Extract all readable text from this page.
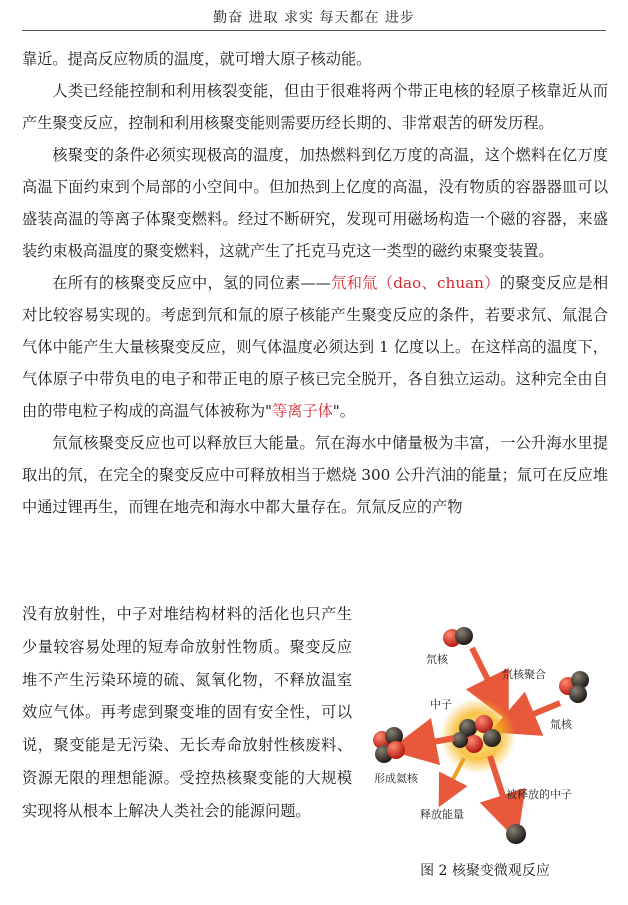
勤奋 进取 求实 每天都在 进步

靠近。提高反应物质的温度，就可增大原子核动能。

人类已经能控制和利用核裂变能，但由于很难将两个带正电核的轻原子核靠近从而产生聚变反应，控制和利用核聚变能则需要历经长期的、非常艰苦的研发历程。

核聚变的条件必须实现极高的温度，加热燃料到亿万度的高温，这个燃料在亿万度高温下面约束到个局部的小空间中。但加热到上亿度的高温，没有物质的容器器皿可以盛装高温的等离子体聚变燃料。经过不断研究，发现可用磁场构造一个磁的容器，来盛装约束极高温度的聚变燃料，这就产生了托克马克这一类型的磁约束聚变装置。

在所有的核聚变反应中，氢的同位素——氘和氚（dao、chuan）的聚变反应是相对比较容易实现的。考虑到氘和氚的原子核能产生聚变反应的条件，若要求氘、氚混合气体中能产生大量核聚变反应，则气体温度必须达到 1 亿度以上。在这样高的温度下，气体原子中带负电的电子和带正电的原子核已完全脱开，各自独立运动。这种完全由自由的带电粒子构成的高温气体被称为"等离子体"。

氘氚核聚变反应也可以释放巨大能量。氘在海水中储量极为丰富，一公升海水里提取出的氘，在完全的聚变反应中可释放相当于燃烧 300 公升汽油的能量；氚可在反应堆中通过锂再生，而锂在地壳和海水中都大量存在。氘氚反应的产物

没有放射性，中子对堆结构材料的活化也只产生少量较容易处理的短寿命放射性物质。聚变反应堆不产生污染环境的硫、氮氧化物，不释放温室效应气体。再考虑到聚变堆的固有安全性，可以说，聚变能是无污染、无长寿命放射性核废料、资源无限的理想能源。受控热核聚变能的大规模实现将从根本上解决人类社会的能源问题。

氘核
氘核聚合
中子
氚核
形成氦核
被释放的中子
释放能量
图 2 核聚变微观反应
